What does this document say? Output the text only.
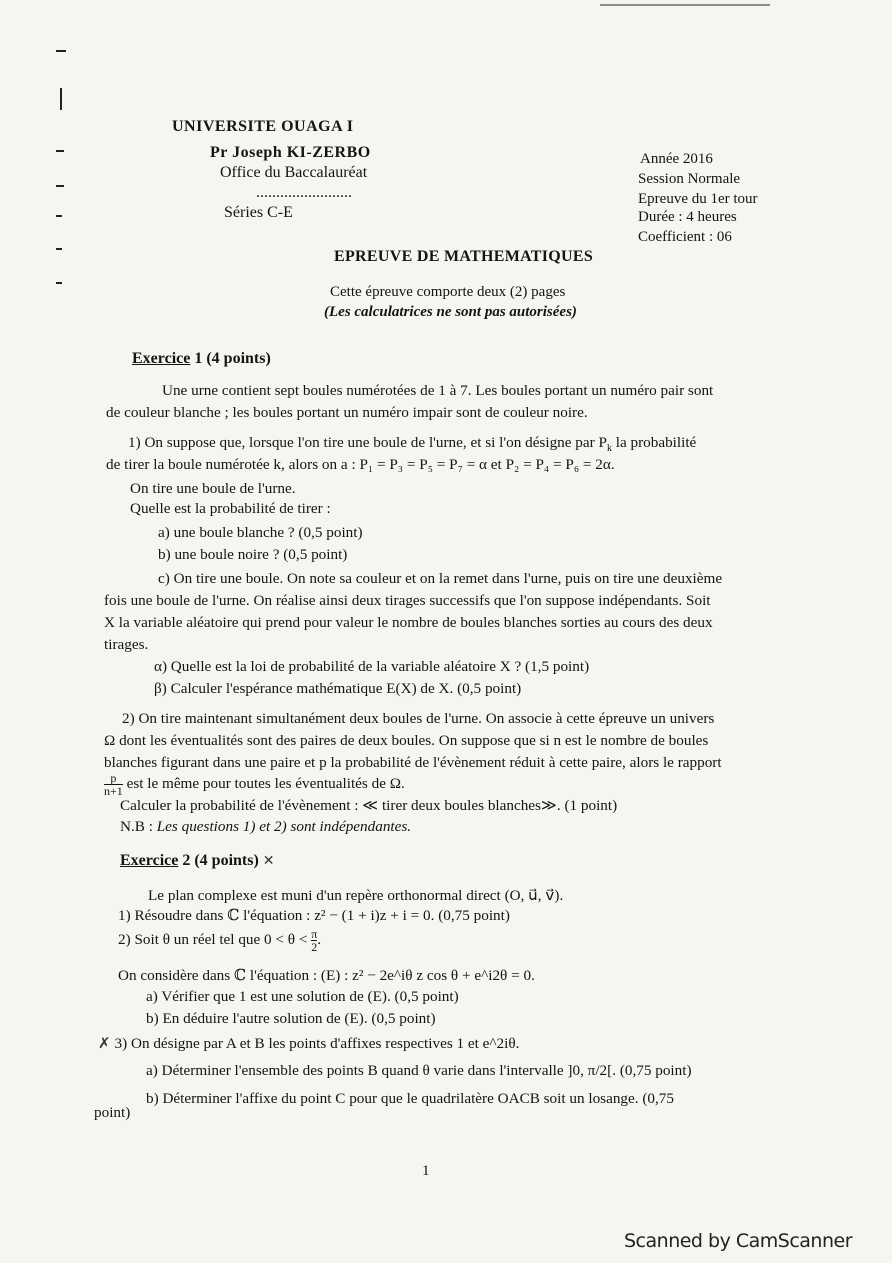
UNIVERSITE OUAGA I
Pr Joseph KI-ZERBO
Office du Baccalauréat
........................
Séries C-E
Année 2016
Session Normale
Epreuve du 1er tour
Durée : 4 heures
Coefficient : 06
EPREUVE DE MATHEMATIQUES
Cette épreuve comporte deux (2) pages
(Les calculatrices ne sont pas autorisées)
Exercice 1 (4 points)
Une urne contient sept boules numérotées de 1 à 7. Les boules portant un numéro pair sont
de couleur blanche ; les boules portant un numéro impair sont de couleur noire.
1) On suppose que, lorsque l'on tire une boule de l'urne, et si l'on désigne par $P_k$ la probabilité
de tirer la boule numérotée k, alors on a : P₁ = P₃ = P₅ = P₇ = α et P₂ = P₄ = P₆ = 2α.
On tire une boule de l'urne.
Quelle est la probabilité de tirer :
a) une boule blanche ? (0,5 point)
b) une boule noire ? (0,5 point)
c) On tire une boule. On note sa couleur et on la remet dans l'urne, puis on tire une deuxième
fois une boule de l'urne. On réalise ainsi deux tirages successifs que l'on suppose indépendants. Soit
X la variable aléatoire qui prend pour valeur le nombre de boules blanches sorties au cours des deux
tirages.
α) Quelle est la loi de probabilité de la variable aléatoire X ? (1,5 point)
β) Calculer l'espérance mathématique E(X) de X. (0,5 point)
2) On tire maintenant simultanément deux boules de l'urne. On associe à cette épreuve un univers
Ω dont les éventualités sont des paires de deux boules. On suppose que si n est le nombre de boules
blanches figurant dans une paire et p la probabilité de l'évènement réduit à cette paire, alors le rapport
$\frac{p}{n+1}$ est le même pour toutes les éventualités de Ω.
Calculer la probabilité de l'évènement : ≪ tirer deux boules blanches≫. (1 point)
N.B : Les questions 1) et 2) sont indépendantes.
Exercice 2 (4 points) ✕
Le plan complexe est muni d'un repère orthonormal direct (O, u⃗, v⃗).
1) Résoudre dans ℂ l'équation : z² − (1 + i)z + i = 0. (0,75 point)
2) Soit θ un réel tel que $0 < \theta < \frac{\pi}{2}$ .
On considère dans ℂ l'équation : (E) : z² − 2e^iθ z cos θ + e^i2θ = 0.
a) Vérifier que 1 est une solution de (E). (0,5 point)
b) En déduire l'autre solution de (E). (0,5 point)
✗ 3) On désigne par A et B les points d'affixes respectives 1 et e^2iθ.
a) Déterminer l'ensemble des points B quand θ varie dans l'intervalle ]0, π/2[. (0,75 point)
b) Déterminer l'affixe du point C pour que le quadrilatère OACB soit un losange. (0,75
point)
1
Scanned by CamScanner
